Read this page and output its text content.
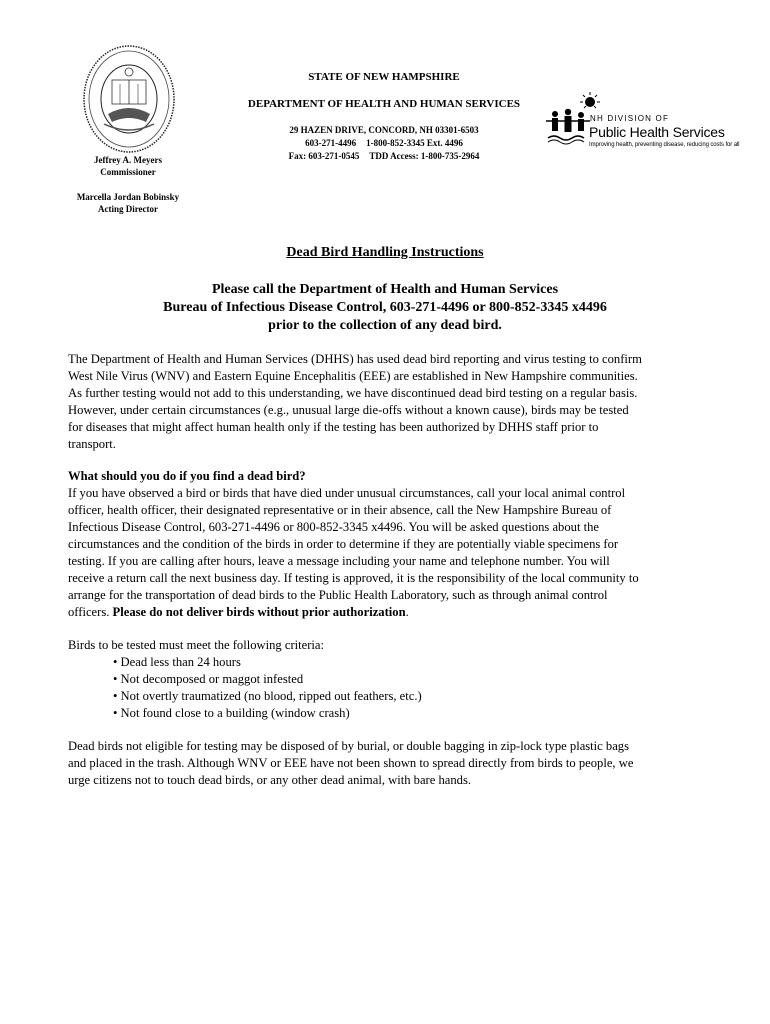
STATE OF NEW HAMPSHIRE
DEPARTMENT OF HEALTH AND HUMAN SERVICES
29 HAZEN DRIVE, CONCORD, NH 03301-6503
603-271-4496 1-800-852-3345 Ext. 4496
Fax: 603-271-0545 TDD Access: 1-800-735-2964
Jeffrey A. Meyers
Commissioner
Marcella Jordan Bobinsky
Acting Director
NH DIVISION OF
Public Health Services
Improving health, preventing disease, reducing costs for all
Dead Bird Handling Instructions
Please call the Department of Health and Human Services
Bureau of Infectious Disease Control, 603-271-4496 or 800-852-3345 x4496
prior to the collection of any dead bird.
The Department of Health and Human Services (DHHS) has used dead bird reporting and virus testing to confirm
West Nile Virus (WNV) and Eastern Equine Encephalitis (EEE) are established in New Hampshire communities.
As further testing would not add to this understanding, we have discontinued dead bird testing on a regular basis.
However, under certain circumstances (e.g., unusual large die-offs without a known cause), birds may be tested
for diseases that might affect human health only if the testing has been authorized by DHHS staff prior to
transport.
What should you do if you find a dead bird?
If you have observed a bird or birds that have died under unusual circumstances, call your local animal control
officer, health officer, their designated representative or in their absence, call the New Hampshire Bureau of
Infectious Disease Control, 603-271-4496 or 800-852-3345 x4496. You will be asked questions about the
circumstances and the condition of the birds in order to determine if they are potentially viable specimens for
testing. If you are calling after hours, leave a message including your name and telephone number. You will
receive a return call the next business day. If testing is approved, it is the responsibility of the local community to
arrange for the transportation of dead birds to the Public Health Laboratory, such as through animal control
officers. Please do not deliver birds without prior authorization.
Birds to be tested must meet the following criteria:
• Dead less than 24 hours
• Not decomposed or maggot infested
• Not overtly traumatized (no blood, ripped out feathers, etc.)
• Not found close to a building (window crash)
Dead birds not eligible for testing may be disposed of by burial, or double bagging in zip-lock type plastic bags
and placed in the trash. Although WNV or EEE have not been shown to spread directly from birds to people, we
urge citizens not to touch dead birds, or any other dead animal, with bare hands.
